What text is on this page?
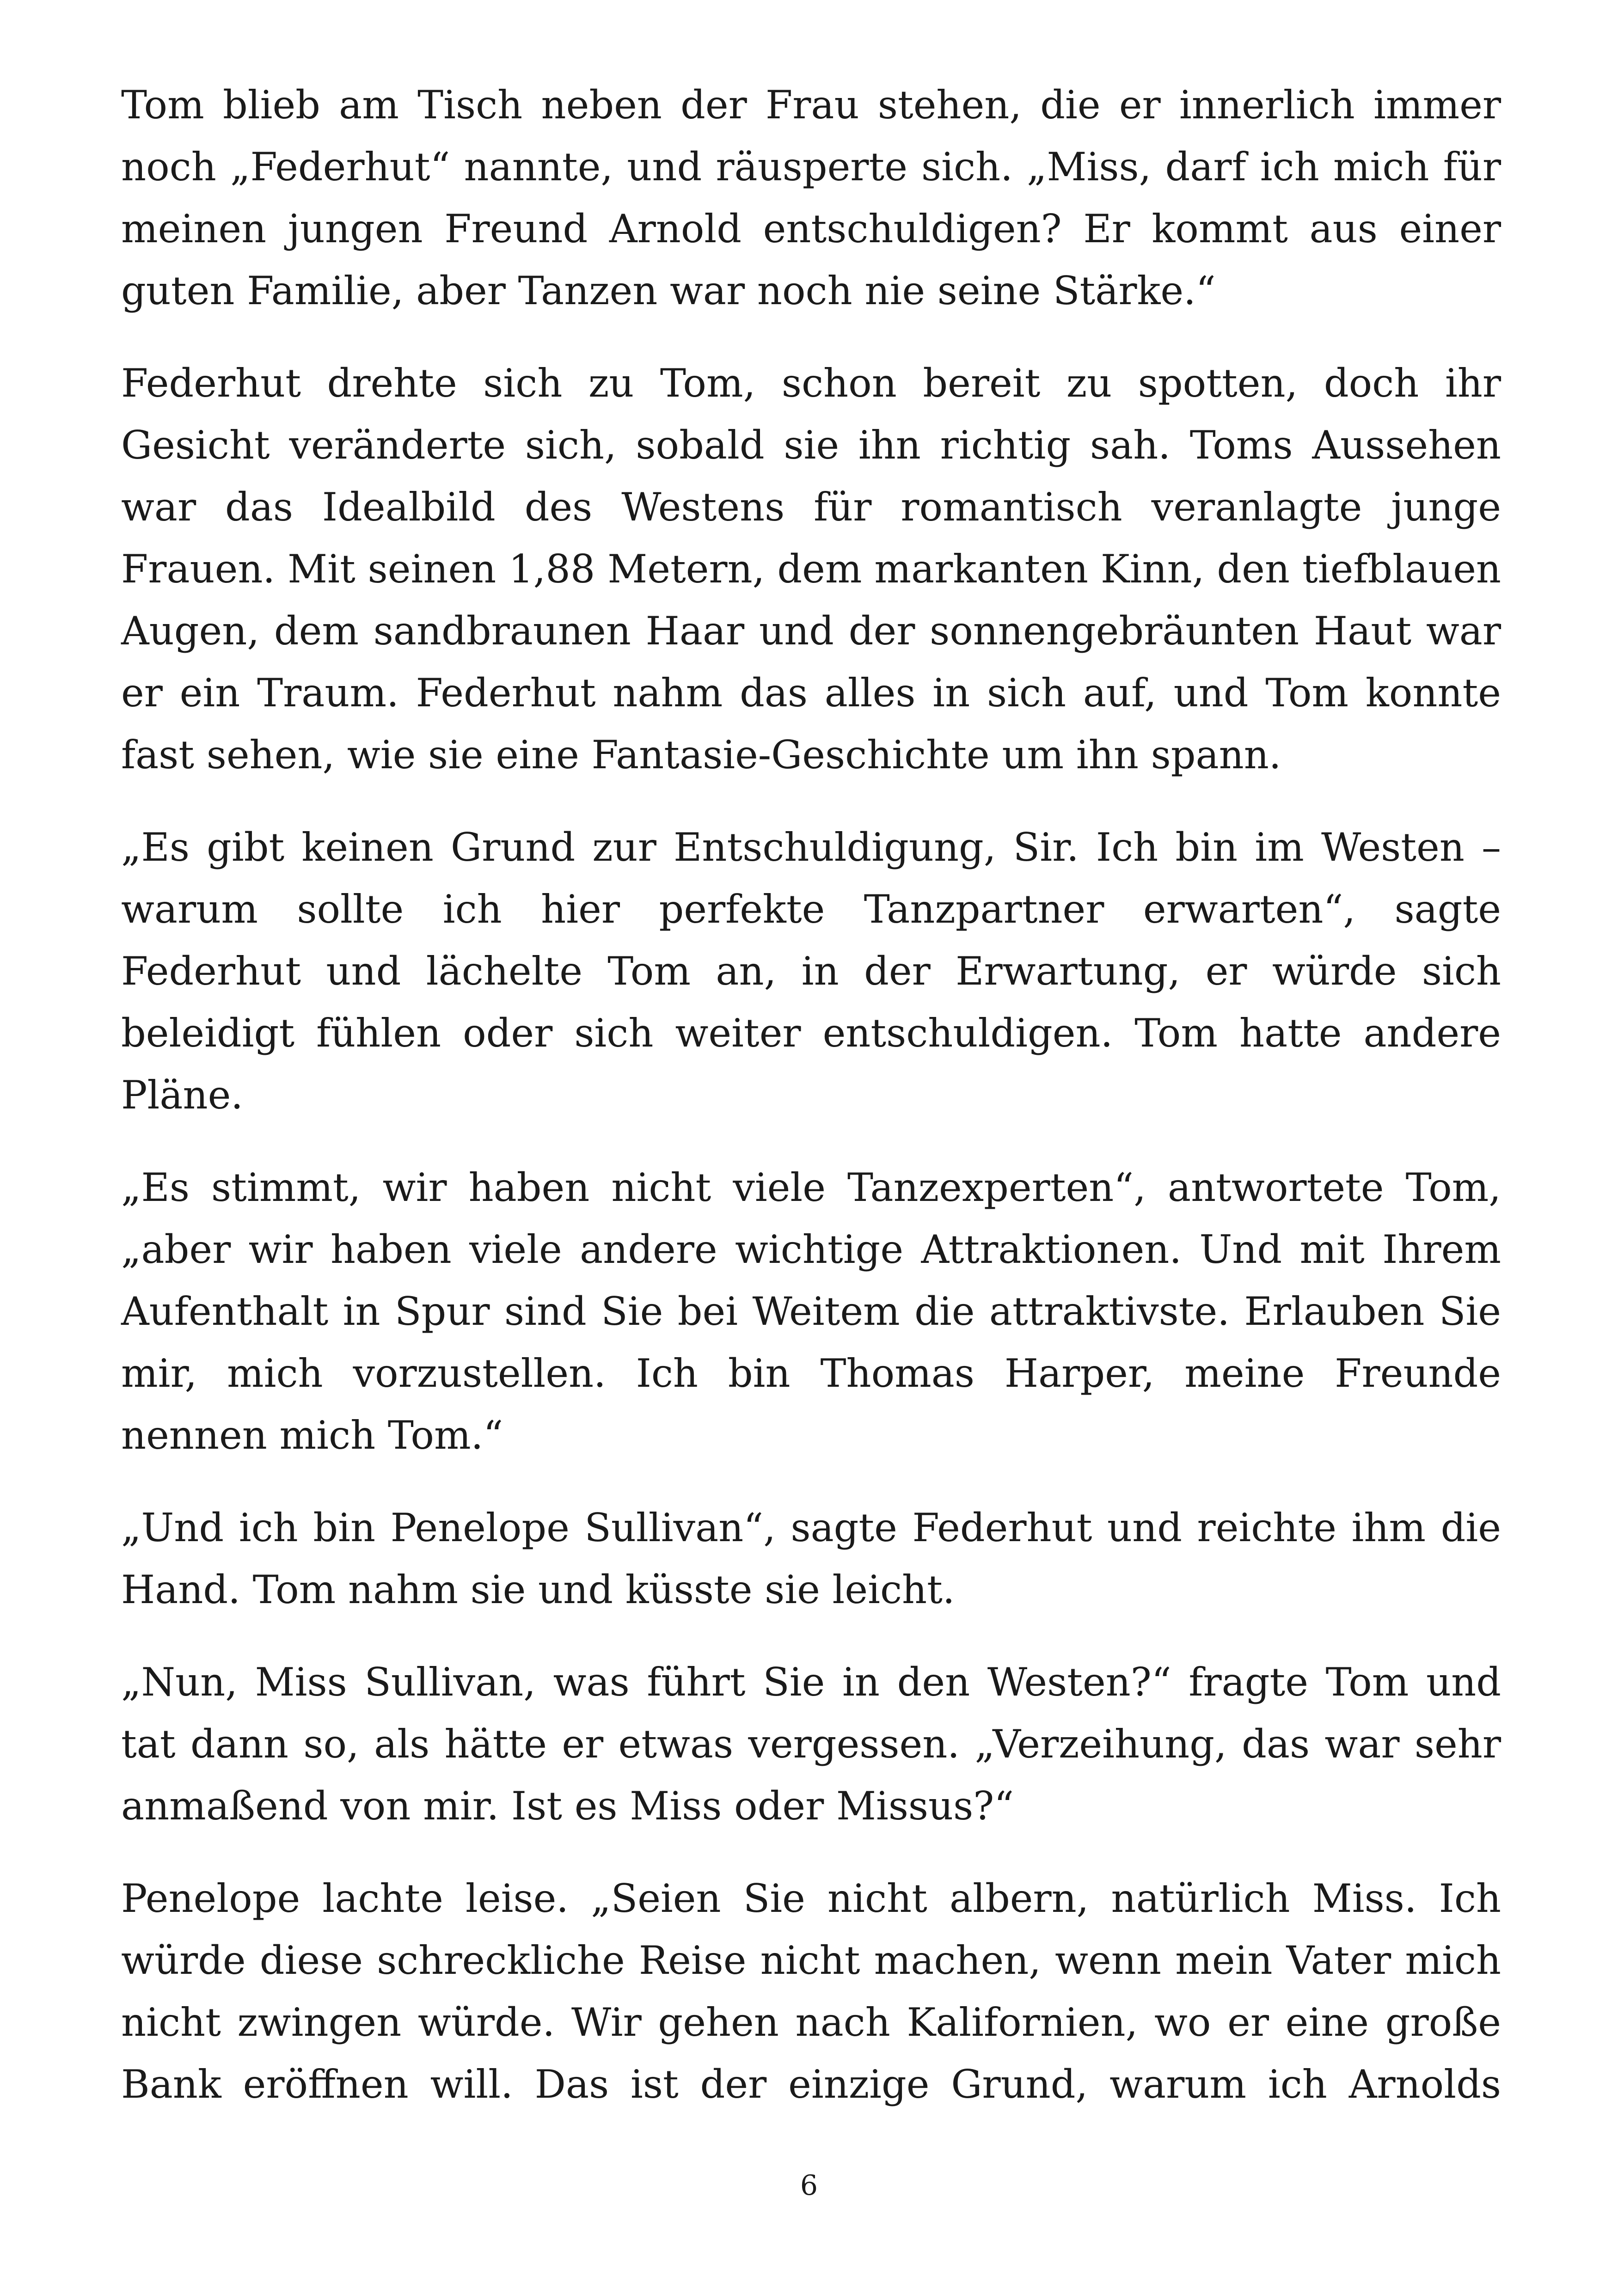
Tom blieb am Tisch neben der Frau stehen, die er innerlich immer noch „Federhut“ nannte, und räusperte sich. „Miss, darf ich mich für meinen jungen Freund Arnold entschuldigen? Er kommt aus einer guten Familie, aber Tanzen war noch nie seine Stärke.“

Federhut drehte sich zu Tom, schon bereit zu spotten, doch ihr Gesicht veränderte sich, sobald sie ihn richtig sah. Toms Aussehen war das Idealbild des Westens für romantisch veranlagte junge Frauen. Mit seinen 1,88 Metern, dem markanten Kinn, den tiefblauen Augen, dem sandbraunen Haar und der sonnengebräunten Haut war er ein Traum. Federhut nahm das alles in sich auf, und Tom konnte fast sehen, wie sie eine Fantasie-Geschichte um ihn spann.

„Es gibt keinen Grund zur Entschuldigung, Sir. Ich bin im Westen – warum sollte ich hier perfekte Tanzpartner erwarten“, sagte Federhut und lächelte Tom an, in der Erwartung, er würde sich beleidigt fühlen oder sich weiter entschuldigen. Tom hatte andere Pläne.

„Es stimmt, wir haben nicht viele Tanzexperten“, antwortete Tom, „aber wir haben viele andere wichtige Attraktionen. Und mit Ihrem Aufenthalt in Spur sind Sie bei Weitem die attraktivste. Erlauben Sie mir, mich vorzustellen. Ich bin Thomas Harper, meine Freunde nennen mich Tom.“

„Und ich bin Penelope Sullivan“, sagte Federhut und reichte ihm die Hand. Tom nahm sie und küsste sie leicht.

„Nun, Miss Sullivan, was führt Sie in den Westen?“ fragte Tom und tat dann so, als hätte er etwas vergessen. „Verzeihung, das war sehr anmaßend von mir. Ist es Miss oder Missus?“

Penelope lachte leise. „Seien Sie nicht albern, natürlich Miss. Ich würde diese schreckliche Reise nicht machen, wenn mein Vater mich nicht zwingen würde. Wir gehen nach Kalifornien, wo er eine große Bank eröffnen will. Das ist der einzige Grund, warum ich Arnolds

6
